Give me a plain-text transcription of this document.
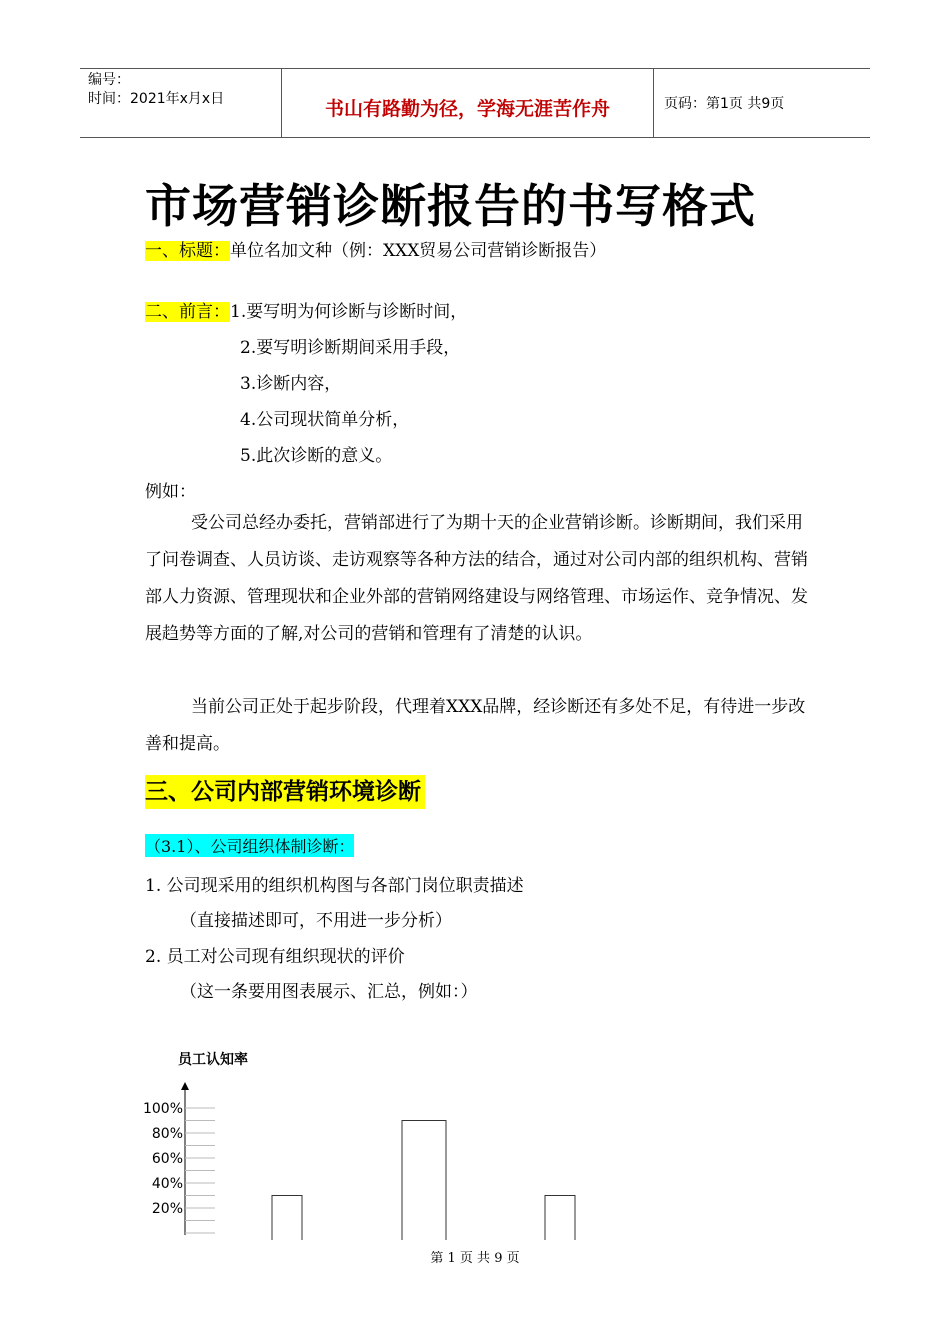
编号：
时间：2021年x月x日	书山有路勤为径，学海无涯苦作舟	页码：第1页 共9页
市场营销诊断报告的书写格式
一、标题：单位名加文种（例：XXX贸易公司营销诊断报告）
二、前言：1.要写明为何诊断与诊断时间，
2.要写明诊断期间采用手段，
3.诊断内容，
4.公司现状简单分析，
5.此次诊断的意义。
例如：
受公司总经办委托，营销部进行了为期十天的企业营销诊断。诊断期间，我们采用了问卷调查、人员访谈、走访观察等各种方法的结合，通过对公司内部的组织机构、营销部人力资源、管理现状和企业外部的营销网络建设与网络管理、市场运作、竞争情况、发展趋势等方面的了解,对公司的营销和管理有了清楚的认识。
当前公司正处于起步阶段，代理着XXX品牌，经诊断还有多处不足，有待进一步改善和提高。
三、公司内部营销环境诊断
（3.1）、公司组织体制诊断：
1. 公司现采用的组织机构图与各部门岗位职责描述
（直接描述即可，不用进一步分析）
2. 员工对公司现有组织现状的评价
（这一条要用图表展示、汇总，例如：）
员工认知率
100%
80%
60%
40%
20%
第 1 页 共 9 页
